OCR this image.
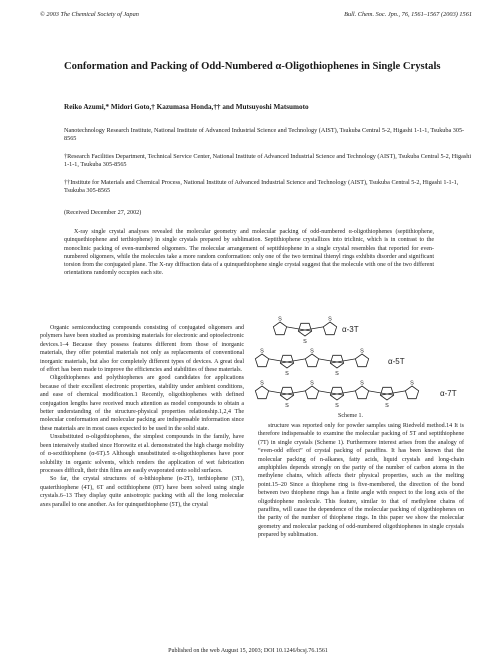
© 2003 The Chemical Society of Japan	Bull. Chem. Soc. Jpn., 76, 1561–1567 (2003) 1561
Conformation and Packing of Odd-Numbered α-Oligothiophenes in Single Crystals
Reiko Azumi,* Midori Goto,† Kazumasa Honda,†† and Mutsuyoshi Matsumoto
Nanotechnology Research Institute, National Institute of Advanced Industrial Science and Technology (AIST), Tsukuba Central 5-2, Higashi 1-1-1, Tsukuba 305-8565
†Research Facilities Department, Technical Service Center, National Institute of Advanced Industrial Science and Technology (AIST), Tsukuba Central 5-2, Higashi 1-1-1, Tsukuba 305-8565
††Institute for Materials and Chemical Process, National Institute of Advanced Industrial Science and Technology (AIST), Tsukuba Central 5-2, Higashi 1-1-1, Tsukuba 305-8565
(Received December 27, 2002)
X-ray single crystal analyses revealed the molecular geometry and molecular packing of odd-numbered α-oligothiophenes (septithiophene, quinquethiophene and terthiophene) in single crystals prepared by sublimation. Septithiophene crystallizes into triclinic, which is in contrast to the monoclinic packing of even-numbered oligomers. The molecular arrangement of septithiophene in a single crystal resembles that reported for even-numbered oligomers, while the molecules take a more random conformation: only one of the two terminal thienyl rings exhibits disorder and significant torsion from the conjugated plane. The X-ray diffraction data of a quinquethiophene single crystal suggest that the molecule with one of the two different orientations randomly occupies each site.

Organic semiconducting compounds consisting of conjugated oligomers and polymers have been studied as promising materials for electronic and optoelectronic devices.1–4 Because they possess features different from those of inorganic materials, they offer potential materials not only as replacements of conventional inorganic materials, but also for completely different types of devices. A great deal of effort has been made to improve the efficiencies and stabilities of these materials.

Oligothiophenes and polythiophenes are good candidates for applications because of their excellent electronic properties, stability under ambient conditions, and ease of chemical modification.1 Recently, oligothiophenes with defined conjugation lengths have received much attention as model compounds to obtain a better understanding of the structure-physical properties relationship.1,2,4 The molecular conformation and molecular packing are indispensable information since these materials are in most cases expected to be used in the solid state.

Unsubstituted α-oligothiophenes, the simplest compounds in the family, have been intensively studied since Horowitz et al. demonstrated the high charge mobility of α-sexithiophene (α-6T).5 Although unsubstituted α-oligothiophenes have poor solubility in organic solvents, which renders the application of wet fabrication processes difficult, their thin films are easily evaporated onto solid surfaces.

So far, the crystal structures of α-bithiophene (α-2T), terthiophene (3T), quaterthiophene (4T), 6T and octithiophene (8T) have been solved using single crystals.6–13 They display quite anisotropic packing with all the long molecular axes parallel to one another. As for quinquethiophene (5T), the crystal

S
S
S
α-3T
S
S
S
S
S
α-5T
S
S
S
S
S
S
S
α-7T
Scheme 1.

structure was reported only for powder samples using Riedveld method.14 It is therefore indispensable to examine the molecular packing of 5T and septithiophene (7T) in single crystals (Scheme 1). Furthermore interest arises from the analogy of “even-odd effect” of crystal packing of paraffins. It has been known that the molecular packing of n-alkanes, fatty acids, liquid crystals and long-chain amphiphiles depends strongly on the parity of the number of carbon atoms in the methylene chains, which affects their physical properties, such as the melting point.15–20 Since a thiophene ring is five-membered, the direction of the bond between two thiophene rings has a finite angle with respect to the long axis of the oligothiophene molecule. This feature, similar to that of methylene chains of paraffins, will cause the dependence of the molecular packing of oligothiophenes on the parity of the number of thiophene rings. In this paper we show the molecular geometry and molecular packing of odd-numbered oligothiophenes in single crystals prepared by sublimation.

Published on the web August 15, 2003; DOI 10.1246/bcsj.76.1561
